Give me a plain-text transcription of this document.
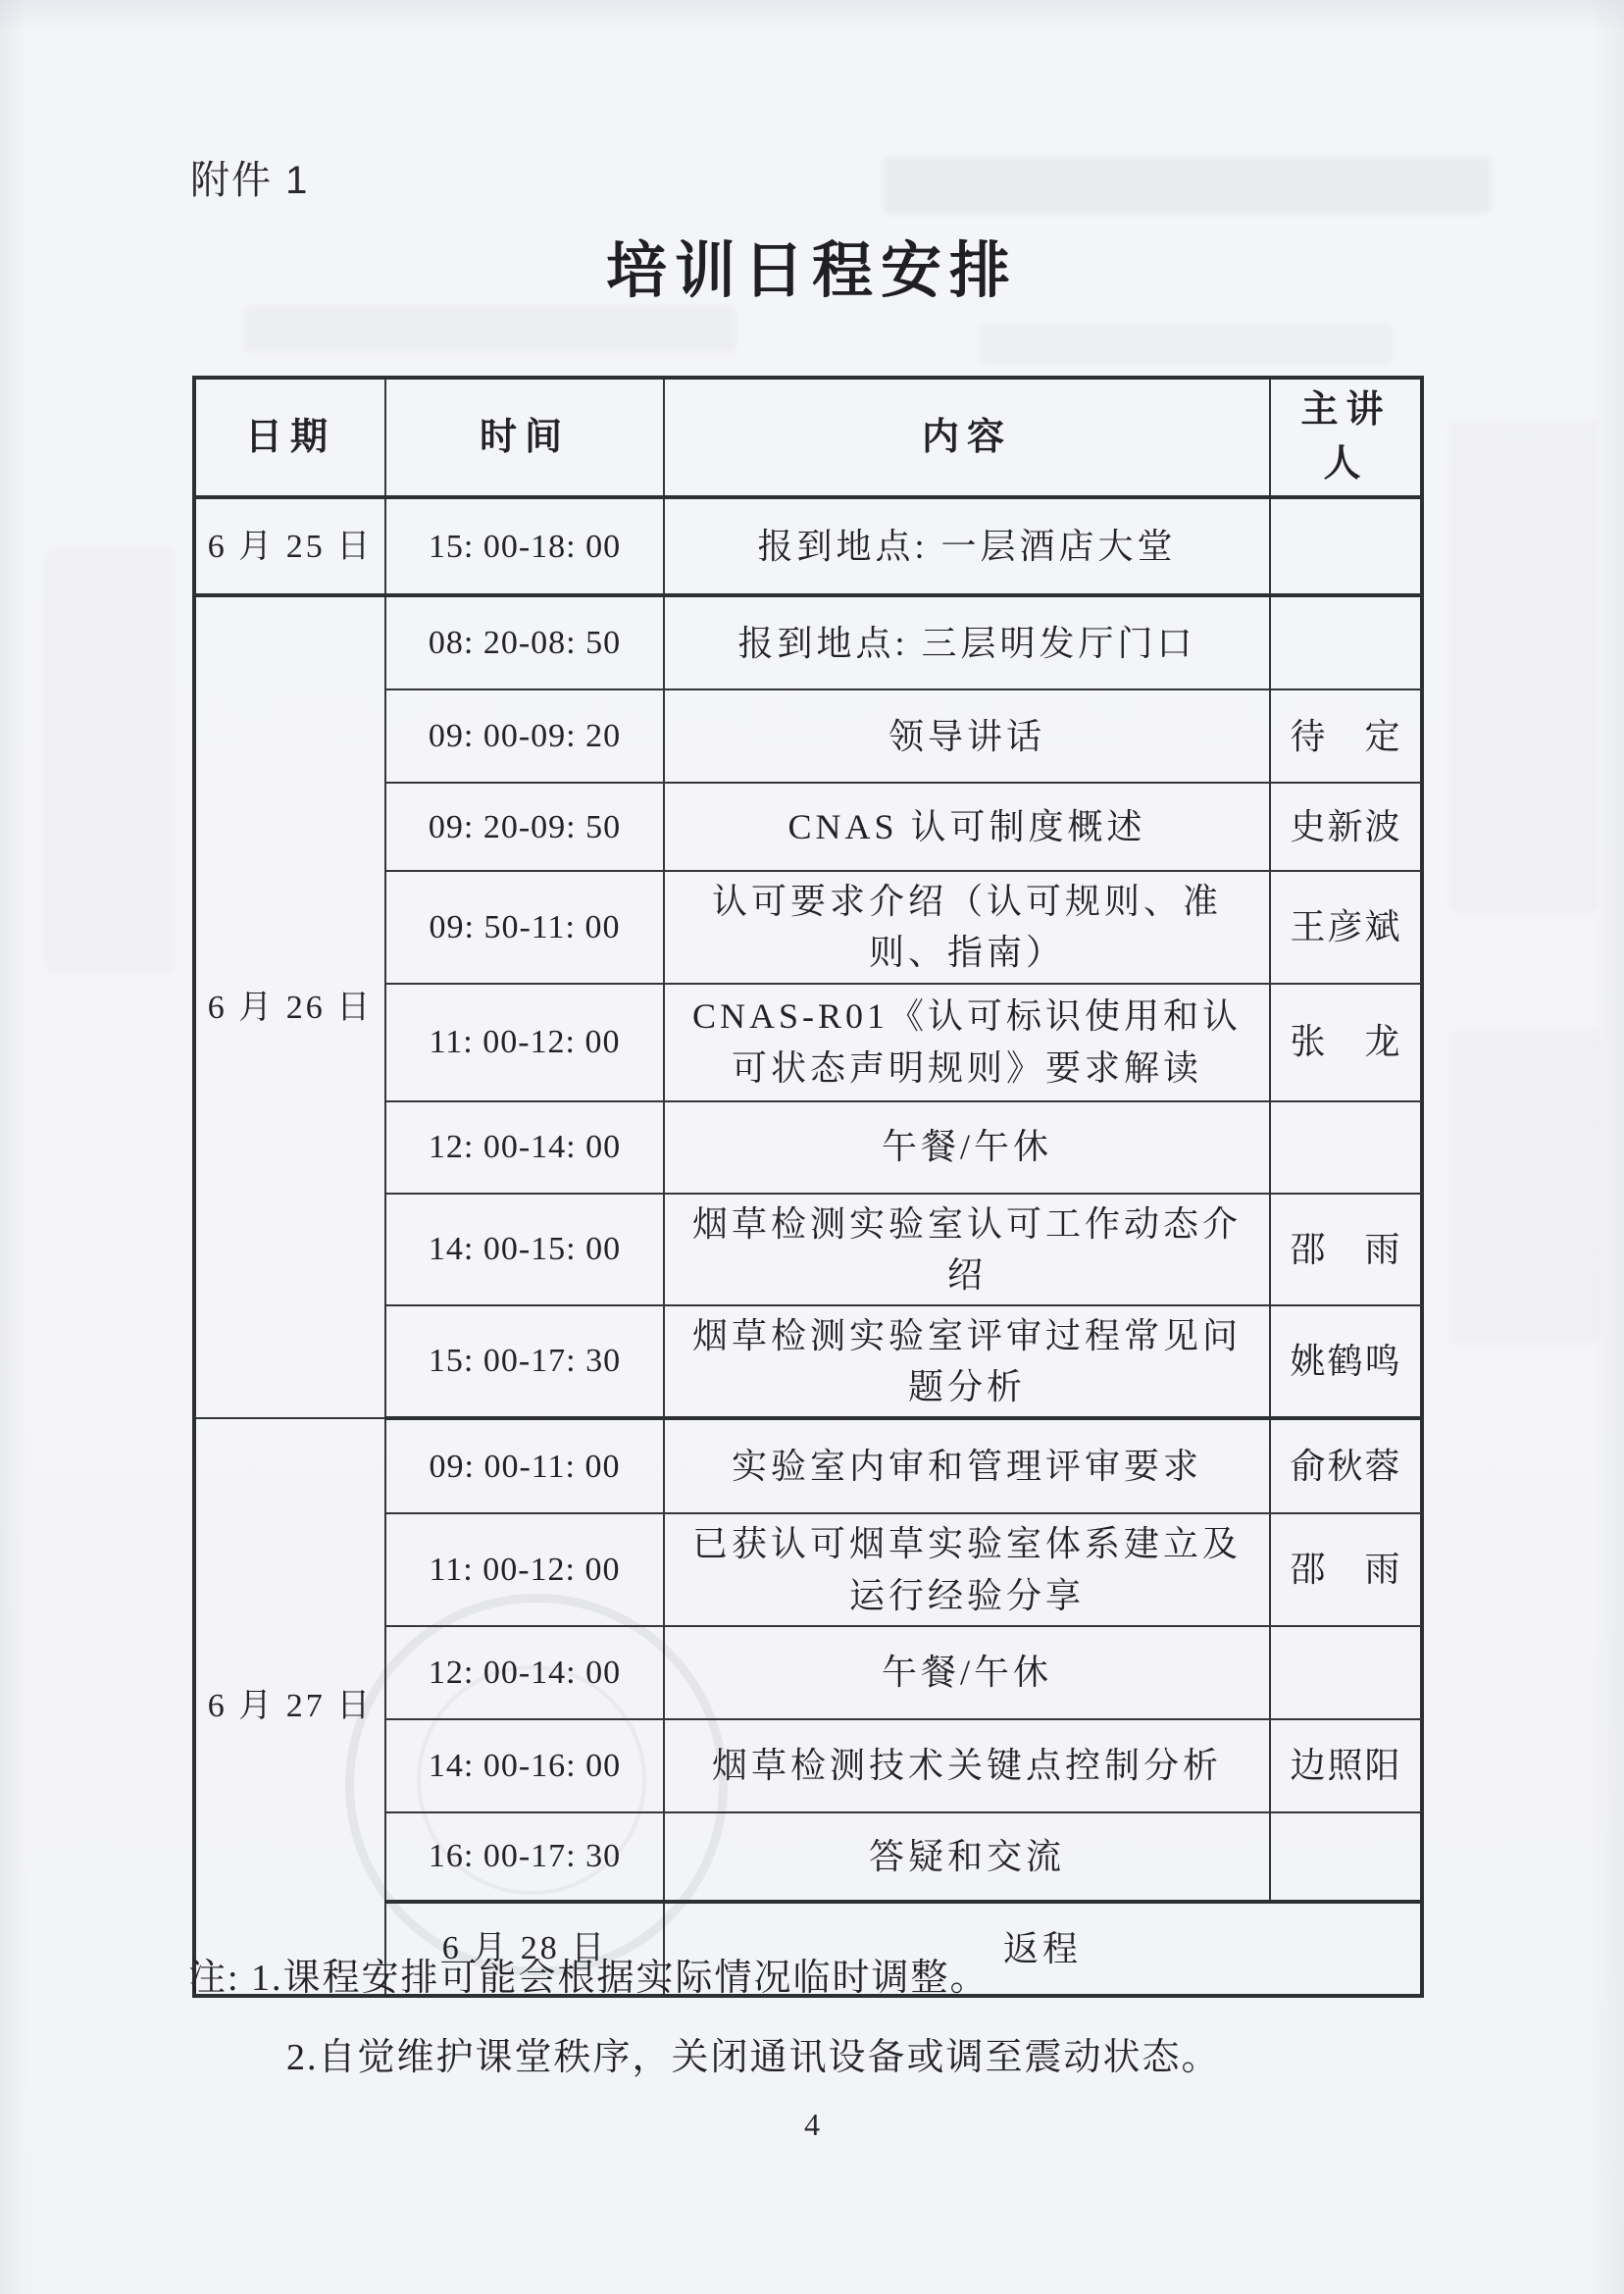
附件 1
培训日程安排
日期	时间	内容	主讲人
6 月 25 日	15: 00-18: 00	报到地点: 一层酒店大堂	
6 月 26 日	08: 20-08: 50	报到地点: 三层明发厅门口	
	09: 00-09: 20	领导讲话	待　定
	09: 20-09: 50	CNAS 认可制度概述	史新波
	09: 50-11: 00	认可要求介绍（认可规则、准则、指南）	王彦斌
	11: 00-12: 00	CNAS-R01《认可标识使用和认可状态声明规则》要求解读	张　龙
	12: 00-14: 00	午餐/午休	
	14: 00-15: 00	烟草检测实验室认可工作动态介绍	邵　雨
	15: 00-17: 30	烟草检测实验室评审过程常见问题分析	姚鹤鸣
6 月 27 日	09: 00-11: 00	实验室内审和管理评审要求	俞秋蓉
	11: 00-12: 00	已获认可烟草实验室体系建立及运行经验分享	邵　雨
	12: 00-14: 00	午餐/午休	
	14: 00-16: 00	烟草检测技术关键点控制分析	边照阳
	16: 00-17: 30	答疑和交流	
	6 月 28 日	返程	
注: 1.课程安排可能会根据实际情况临时调整。
2.自觉维护课堂秩序，关闭通讯设备或调至震动状态。
4
